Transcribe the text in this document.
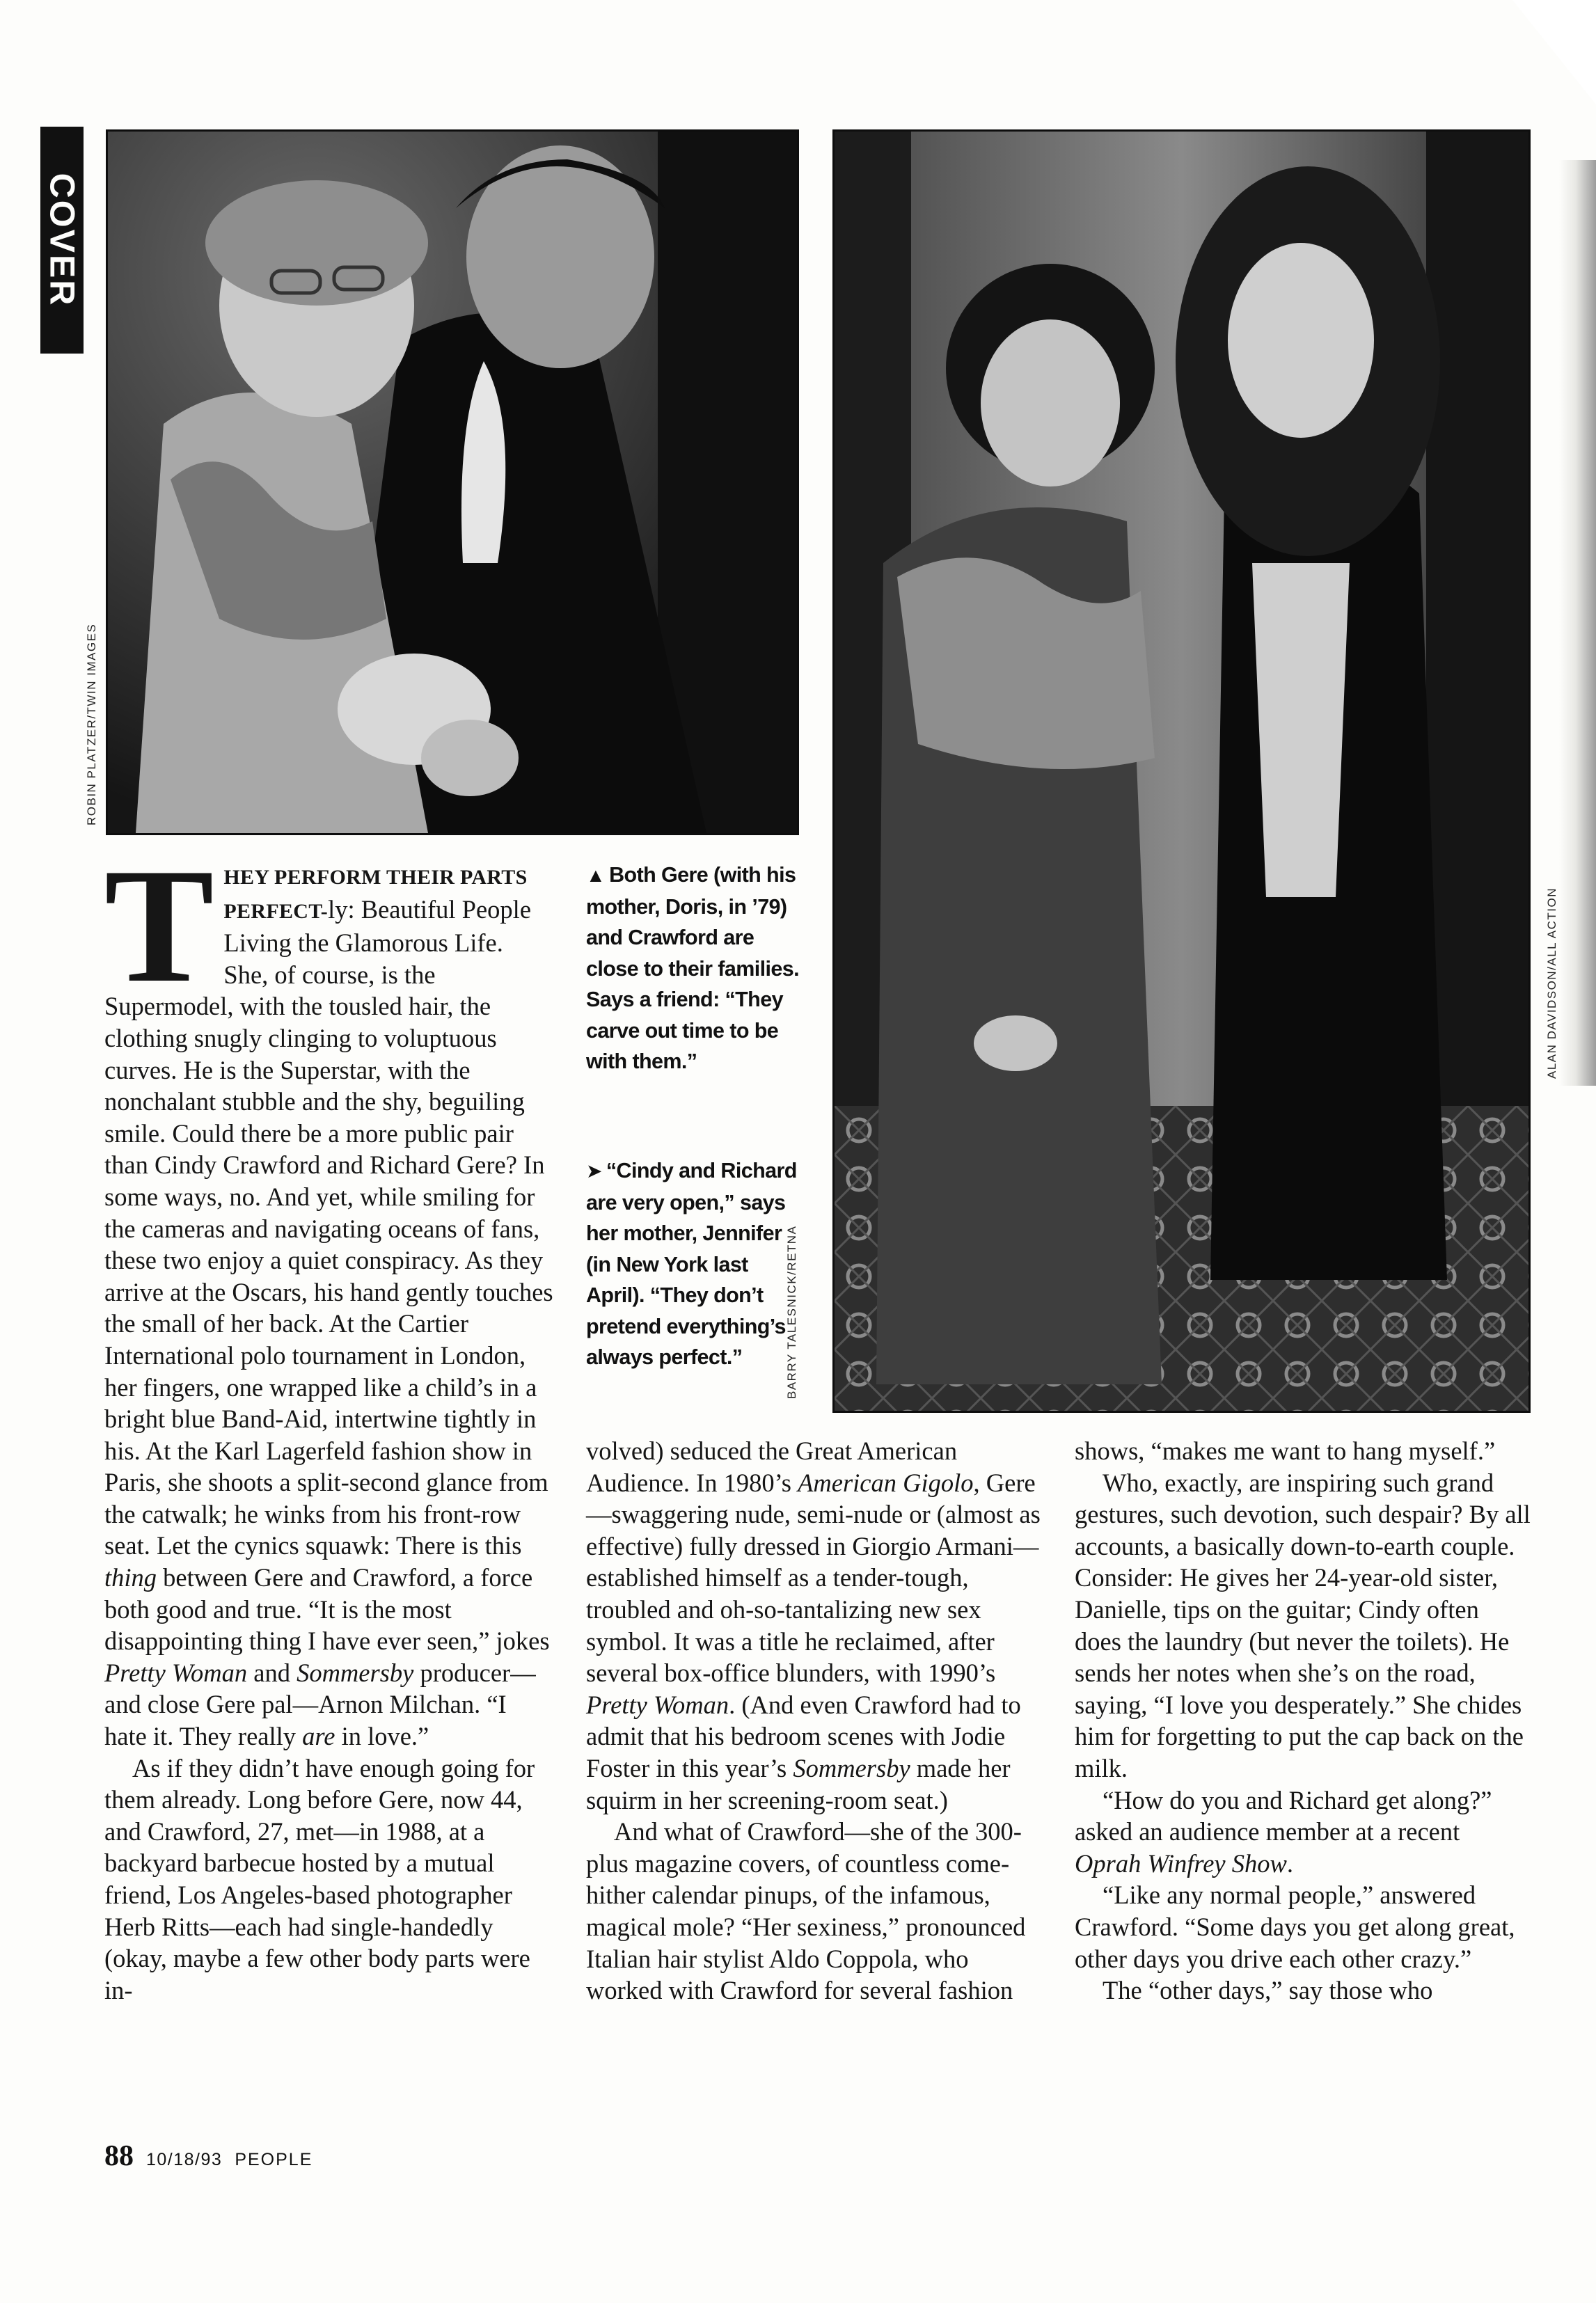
COVER
ROBIN PLATZER/TWIN IMAGES
BARRY TALESNICK/RETNA
ALAN DAVIDSON/ALL ACTION
▲ Both Gere (with his mother, Doris, in ’79) and Crawford are close to their families. Says a friend: “They carve out time to be with them.”
➤ “Cindy and Richard are very open,” says her mother, Jennifer (in New York last April). “They don’t pretend everything’s always perfect.”

THEY PERFORM THEIR PARTS PERFECT-ly: Beautiful People Living the Glamorous Life. She, of course, is the Supermodel, with the tousled hair, the clothing snugly clinging to voluptuous curves. He is the Superstar, with the nonchalant stubble and the shy, beguiling smile. Could there be a more public pair than Cindy Crawford and Richard Gere? In some ways, no. And yet, while smiling for the cameras and navigating oceans of fans, these two enjoy a quiet conspiracy. As they arrive at the Oscars, his hand gently touches the small of her back. At the Cartier International polo tournament in London, her fingers, one wrapped like a child’s in a bright blue Band-Aid, intertwine tightly in his. At the Karl Lagerfeld fashion show in Paris, she shoots a split-second glance from the catwalk; he winks from his front-row seat. Let the cynics squawk: There is this thing between Gere and Crawford, a force both good and true. “It is the most disappointing thing I have ever seen,” jokes Pretty Woman and Sommersby producer—and close Gere pal—Arnon Milchan. “I hate it. They really are in love.”

As if they didn’t have enough going for them already. Long before Gere, now 44, and Crawford, 27, met—in 1988, at a backyard barbecue hosted by a mutual friend, Los Angeles-based photographer Herb Ritts—each had single-handedly (okay, maybe a few other body parts were in-

volved) seduced the Great American Audience. In 1980’s American Gigolo, Gere—swaggering nude, semi-nude or (almost as effective) fully dressed in Giorgio Armani—established himself as a tender-tough, troubled and oh-so-tantalizing new sex symbol. It was a title he reclaimed, after several box-office blunders, with 1990’s Pretty Woman. (And even Crawford had to admit that his bedroom scenes with Jodie Foster in this year’s Sommersby made her squirm in her screening-room seat.)

And what of Crawford—she of the 300-plus magazine covers, of countless come-hither calendar pinups, of the infamous, magical mole? “Her sexiness,” pronounced Italian hair stylist Aldo Coppola, who worked with Crawford for several fashion

shows, “makes me want to hang myself.”

Who, exactly, are inspiring such grand gestures, such devotion, such despair? By all accounts, a basically down-to-earth couple. Consider: He gives her 24-year-old sister, Danielle, tips on the guitar; Cindy often does the laundry (but never the toilets). He sends her notes when she’s on the road, saying, “I love you desperately.” She chides him for forgetting to put the cap back on the milk.

“How do you and Richard get along?” asked an audience member at a recent Oprah Winfrey Show.

“Like any normal people,” answered Crawford. “Some days you get along great, other days you drive each other crazy.”

The “other days,” say those who

88 10/18/93 PEOPLE
